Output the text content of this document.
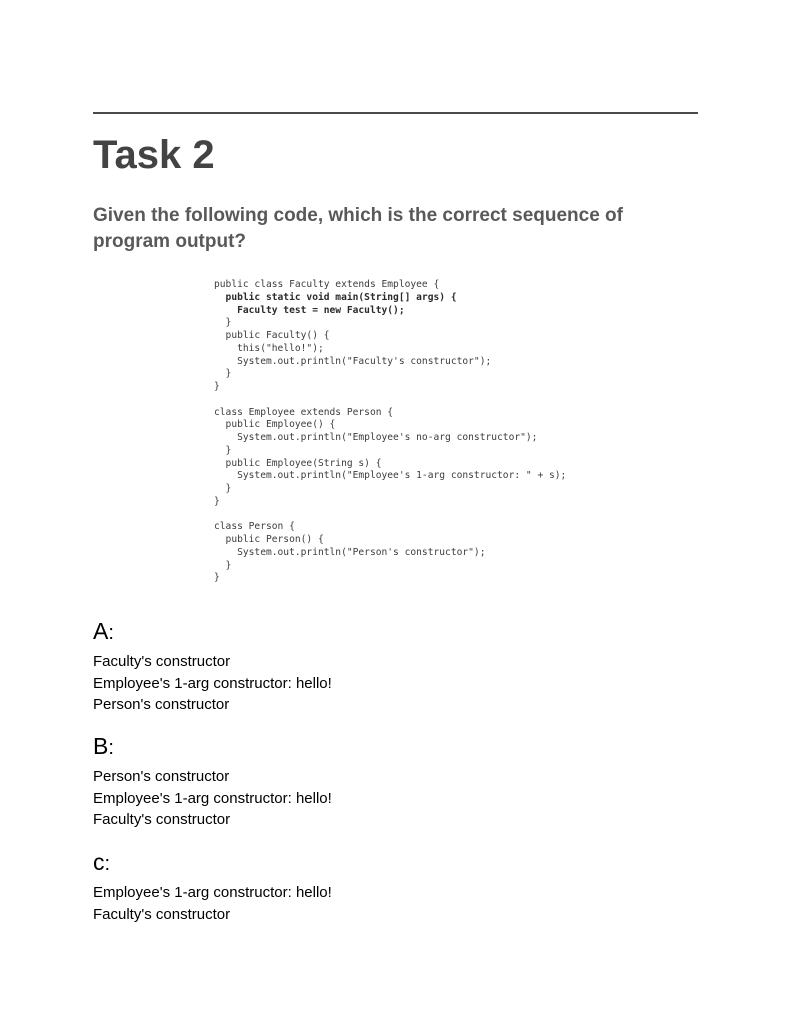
Task 2

Given the following code, which is the correct sequence of program output?

public class Faculty extends Employee {
public static void main(String[] args) {
Faculty test = new Faculty();
}
public Faculty() {
this("hello!");
System.out.println("Faculty's constructor");
}
}
class Employee extends Person {
public Employee() {
System.out.println("Employee's no-arg constructor");
}
public Employee(String s) {
System.out.println("Employee's 1-arg constructor: " + s);
}
}
class Person {
public Person() {
System.out.println("Person's constructor");
}
}
A:
Faculty's constructor
Employee's 1-arg constructor: hello!
Person's constructor
B:
Person's constructor
Employee's 1-arg constructor: hello!
Faculty's constructor
c:
Employee's 1-arg constructor: hello!
Faculty's constructor
